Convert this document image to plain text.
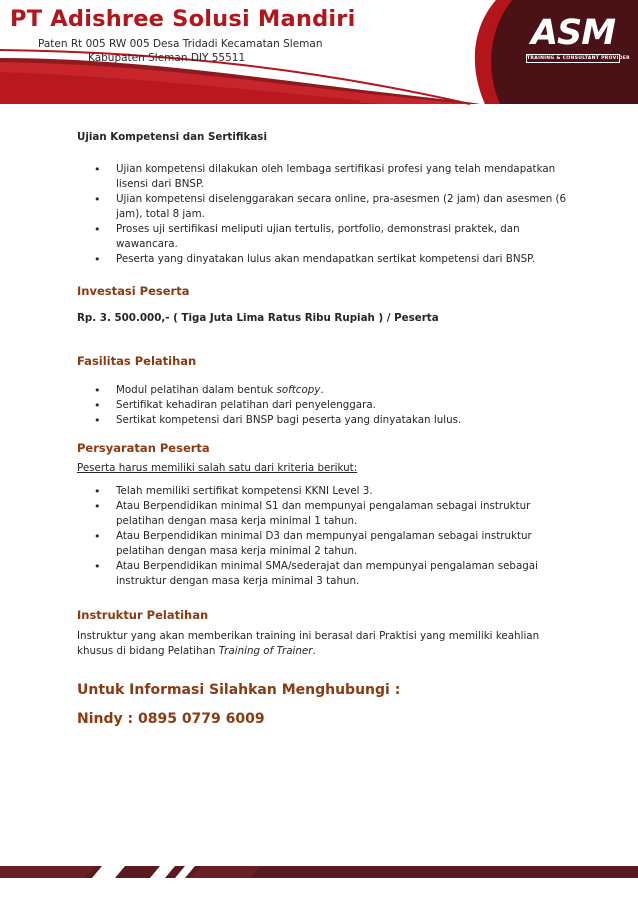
PT Adishree Solusi Mandiri
Paten Rt 005 RW 005 Desa Tridadi Kecamatan Sleman
Kabupaten Sleman DIY 55511
ASM
TRAINING & CONSULTANT PROVIDER

Ujian Kompetensi dan Sertifikasi

• Ujian kompetensi dilakukan oleh lembaga sertifikasi profesi yang telah mendapatkan lisensi dari BNSP.
• Ujian kompetensi diselenggarakan secara online, pra-asesmen (2 jam) dan asesmen (6 jam), total 8 jam.
• Proses uji sertifikasi meliputi ujian tertulis, portfolio, demonstrasi praktek, dan wawancara.
• Peserta yang dinyatakan lulus akan mendapatkan sertikat kompetensi dari BNSP.

Investasi Peserta

Rp. 3. 500.000,- ( Tiga Juta Lima Ratus Ribu Rupiah ) / Peserta

Fasilitas Pelatihan

• Modul pelatihan dalam bentuk softcopy.
• Sertifikat kehadiran pelatihan dari penyelenggara.
• Sertikat kompetensi dari BNSP bagi peserta yang dinyatakan lulus.

Persyaratan Peserta

Peserta harus memiliki salah satu dari kriteria berikut:

• Telah memiliki sertifikat kompetensi KKNI Level 3.
• Atau Berpendidikan minimal S1 dan mempunyai pengalaman sebagai instruktur pelatihan dengan masa kerja minimal 1 tahun.
• Atau Berpendidikan minimal D3 dan mempunyai pengalaman sebagai instruktur pelatihan dengan masa kerja minimal 2 tahun.
• Atau Berpendidikan minimal SMA/sederajat dan mempunyai pengalaman sebagai instruktur dengan masa kerja minimal 3 tahun.

Instruktur Pelatihan

Instruktur yang akan memberikan training ini berasal dari Praktisi yang memiliki keahlian khusus di bidang Pelatihan Training of Trainer.

Untuk Informasi Silahkan Menghubungi :

Nindy : 0895 0779 6009
